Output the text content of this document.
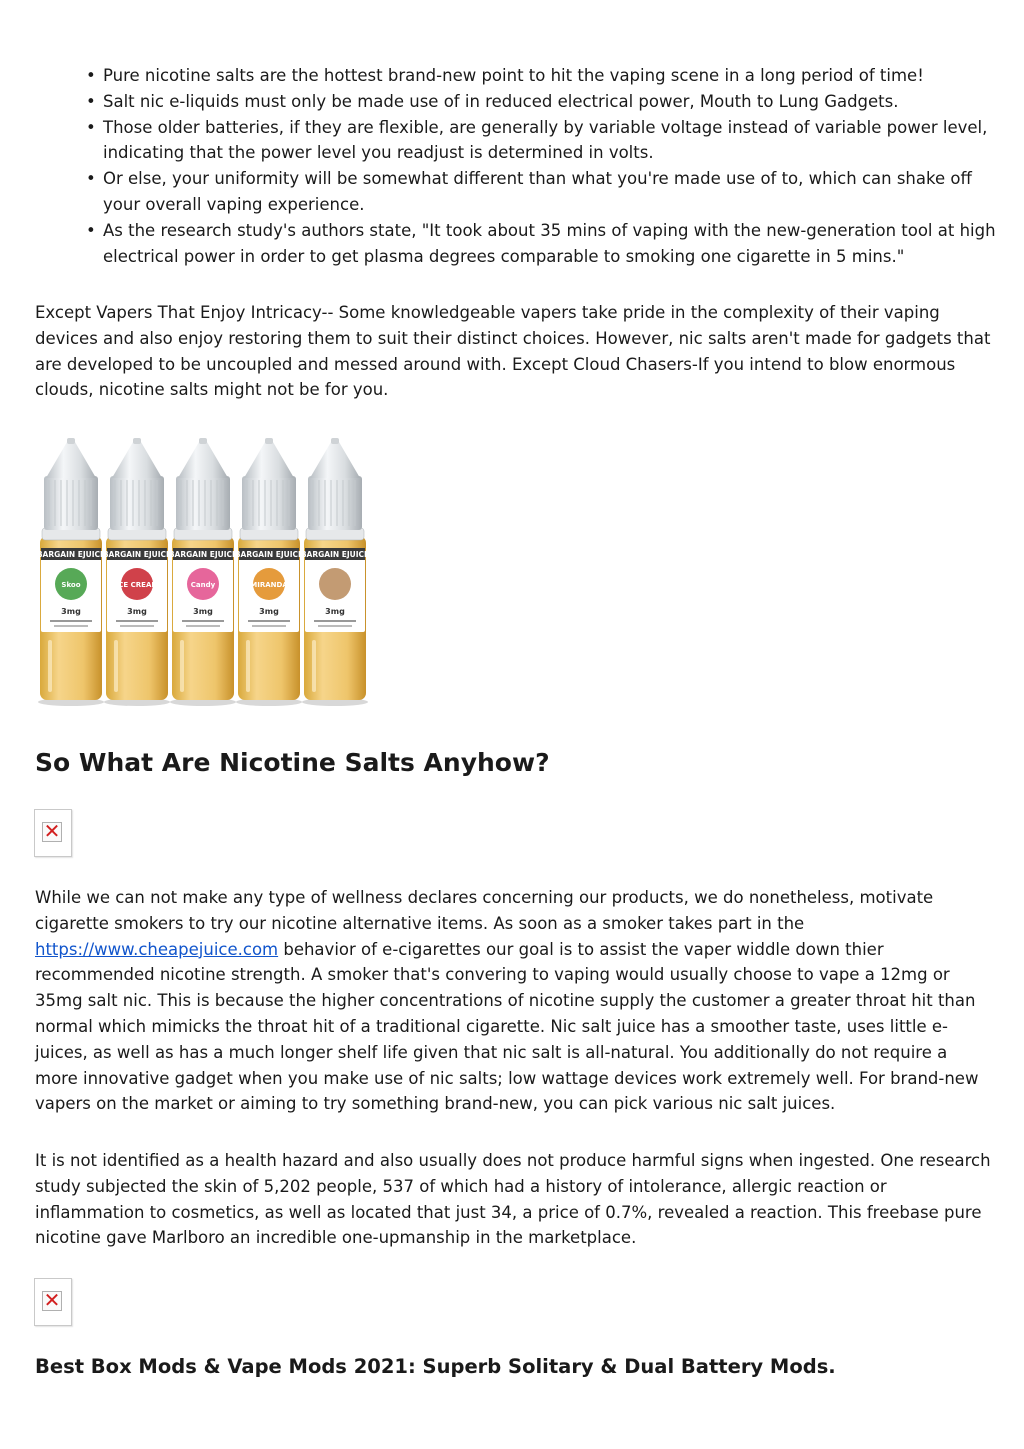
• Pure nicotine salts are the hottest brand-new point to hit the vaping scene in a long period of time!
• Salt nic e-liquids must only be made use of in reduced electrical power, Mouth to Lung Gadgets.
• Those older batteries, if they are flexible, are generally by variable voltage instead of variable power level, indicating that the power level you readjust is determined in volts.
• Or else, your uniformity will be somewhat different than what you're made use of to, which can shake off your overall vaping experience.
• As the research study's authors state, "It took about 35 mins of vaping with the new-generation tool at high electrical power in order to get plasma degrees comparable to smoking one cigarette in 5 mins."

Except Vapers That Enjoy Intricacy-- Some knowledgeable vapers take pride in the complexity of their vaping devices and also enjoy restoring them to suit their distinct choices. However, nic salts aren't made for gadgets that are developed to be uncoupled and messed around with. Except Cloud Chasers-If you intend to blow enormous clouds, nicotine salts might not be for you.

BARGAIN EJUICE
Skoo
3mg
BARGAIN EJUICE
ICE CREAM
3mg
BARGAIN EJUICE
Candy
3mg
BARGAIN EJUICE
MIRANDA
3mg
BARGAIN EJUICE
3mg
So What Are Nicotine Salts Anyhow?
✕

While we can not make any type of wellness declares concerning our products, we do nonetheless, motivate cigarette smokers to try our nicotine alternative items. As soon as a smoker takes part in the https://www.cheapejuice.com behavior of e-cigarettes our goal is to assist the vaper widdle down thier recommended nicotine strength. A smoker that's convering to vaping would usually choose to vape a 12mg or 35mg salt nic. This is because the higher concentrations of nicotine supply the customer a greater throat hit than normal which mimicks the throat hit of a traditional cigarette. Nic salt juice has a smoother taste, uses little e-juices, as well as has a much longer shelf life given that nic salt is all-natural. You additionally do not require a more innovative gadget when you make use of nic salts; low wattage devices work extremely well. For brand-new vapers on the market or aiming to try something brand-new, you can pick various nic salt juices.

It is not identified as a health hazard and also usually does not produce harmful signs when ingested. One research study subjected the skin of 5,202 people, 537 of which had a history of intolerance, allergic reaction or inflammation to cosmetics, as well as located that just 34, a price of 0.7%, revealed a reaction. This freebase pure nicotine gave Marlboro an incredible one-upmanship in the marketplace.

✕
Best Box Mods & Vape Mods 2021: Superb Solitary & Dual Battery Mods.
